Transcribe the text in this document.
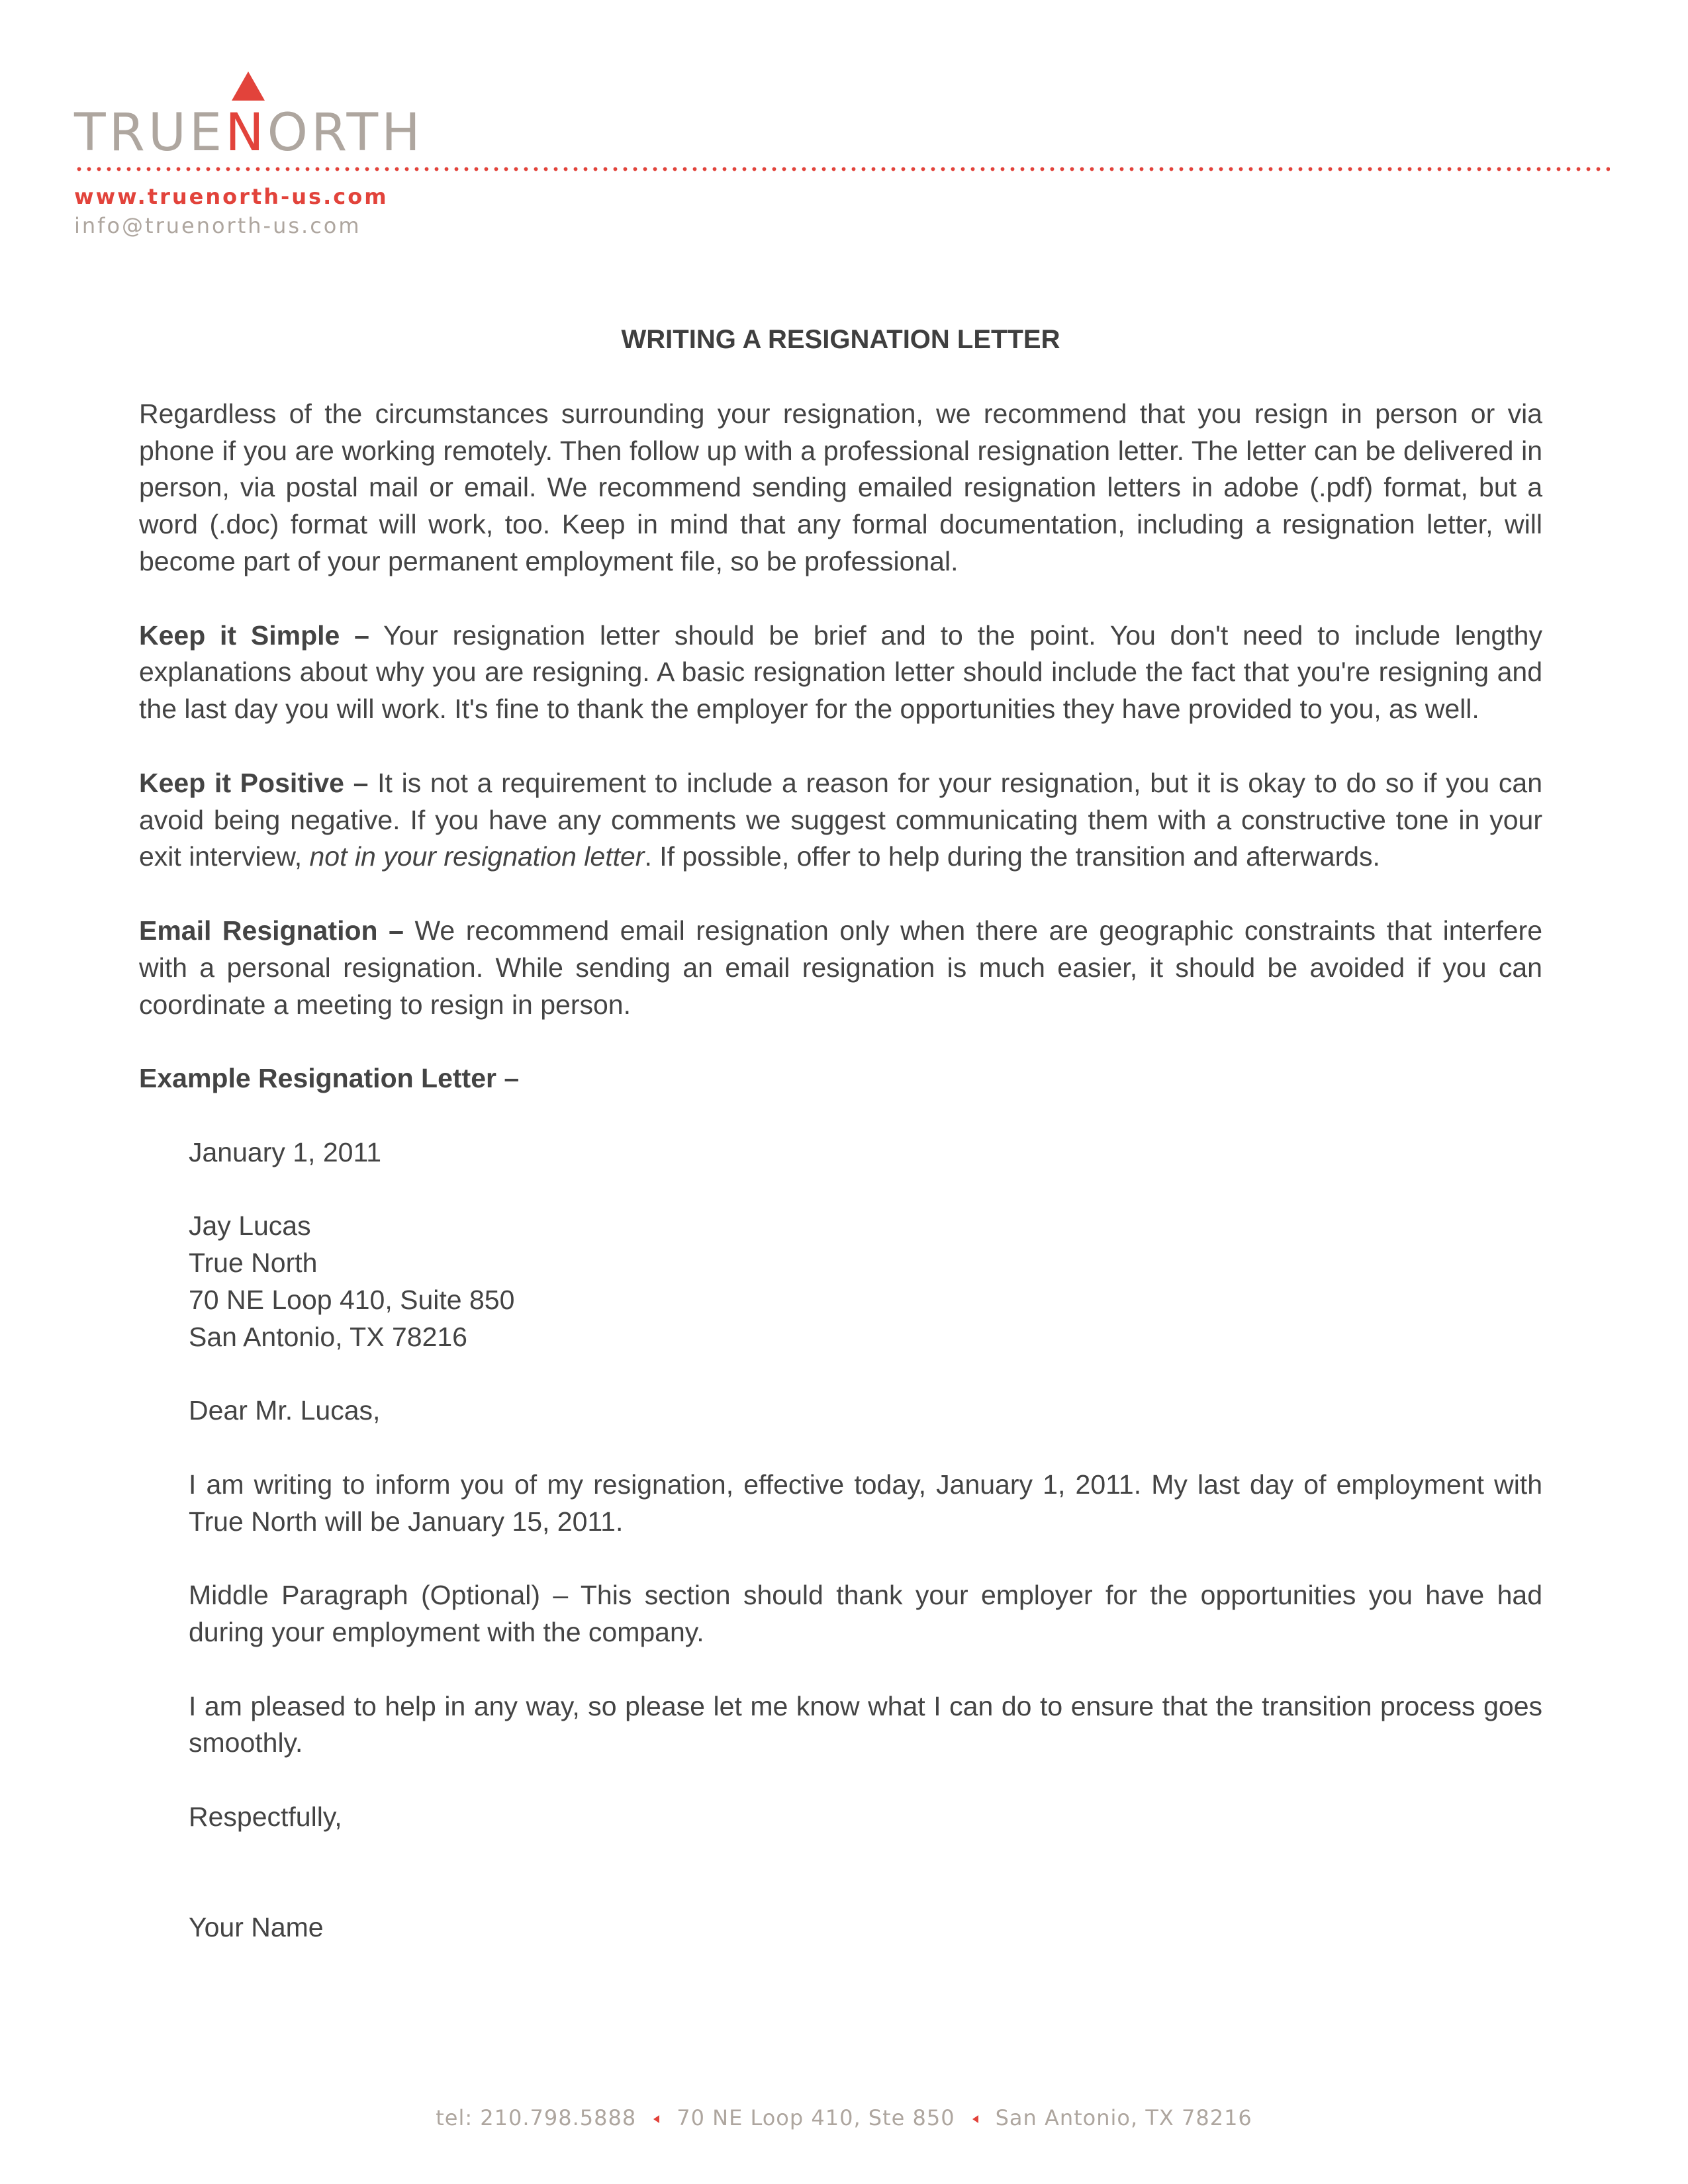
TRUENORTH
www.truenorth-us.com
info@truenorth-us.com
WRITING A RESIGNATION LETTER

Regardless of the circumstances surrounding your resignation, we recommend that you resign in person or via phone if you are working remotely. Then follow up with a professional resignation letter. The letter can be delivered in person, via postal mail or email. We recommend sending emailed resignation letters in adobe (.pdf) format, but a word (.doc) format will work, too. Keep in mind that any formal documentation, including a resignation letter, will become part of your permanent employment file, so be professional.

Keep it Simple – Your resignation letter should be brief and to the point. You don't need to include lengthy explanations about why you are resigning. A basic resignation letter should include the fact that you're resigning and the last day you will work. It's fine to thank the employer for the opportunities they have provided to you, as well.

Keep it Positive – It is not a requirement to include a reason for your resignation, but it is okay to do so if you can avoid being negative. If you have any comments we suggest communicating them with a constructive tone in your exit interview, not in your resignation letter. If possible, offer to help during the transition and afterwards.

Email Resignation – We recommend email resignation only when there are geographic constraints that interfere with a personal resignation. While sending an email resignation is much easier, it should be avoided if you can coordinate a meeting to resign in person.

Example Resignation Letter –

January 1, 2011

Jay Lucas
True North
70 NE Loop 410, Suite 850
San Antonio, TX 78216

Dear Mr. Lucas,

I am writing to inform you of my resignation, effective today, January 1, 2011. My last day of employment with True North will be January 15, 2011.

Middle Paragraph (Optional) – This section should thank your employer for the opportunities you have had during your employment with the company.

I am pleased to help in any way, so please let me know what I can do to ensure that the transition process goes smoothly.

Respectfully,

Your Name

tel: 210.798.5888 70 NE Loop 410, Ste 850 San Antonio, TX 78216
